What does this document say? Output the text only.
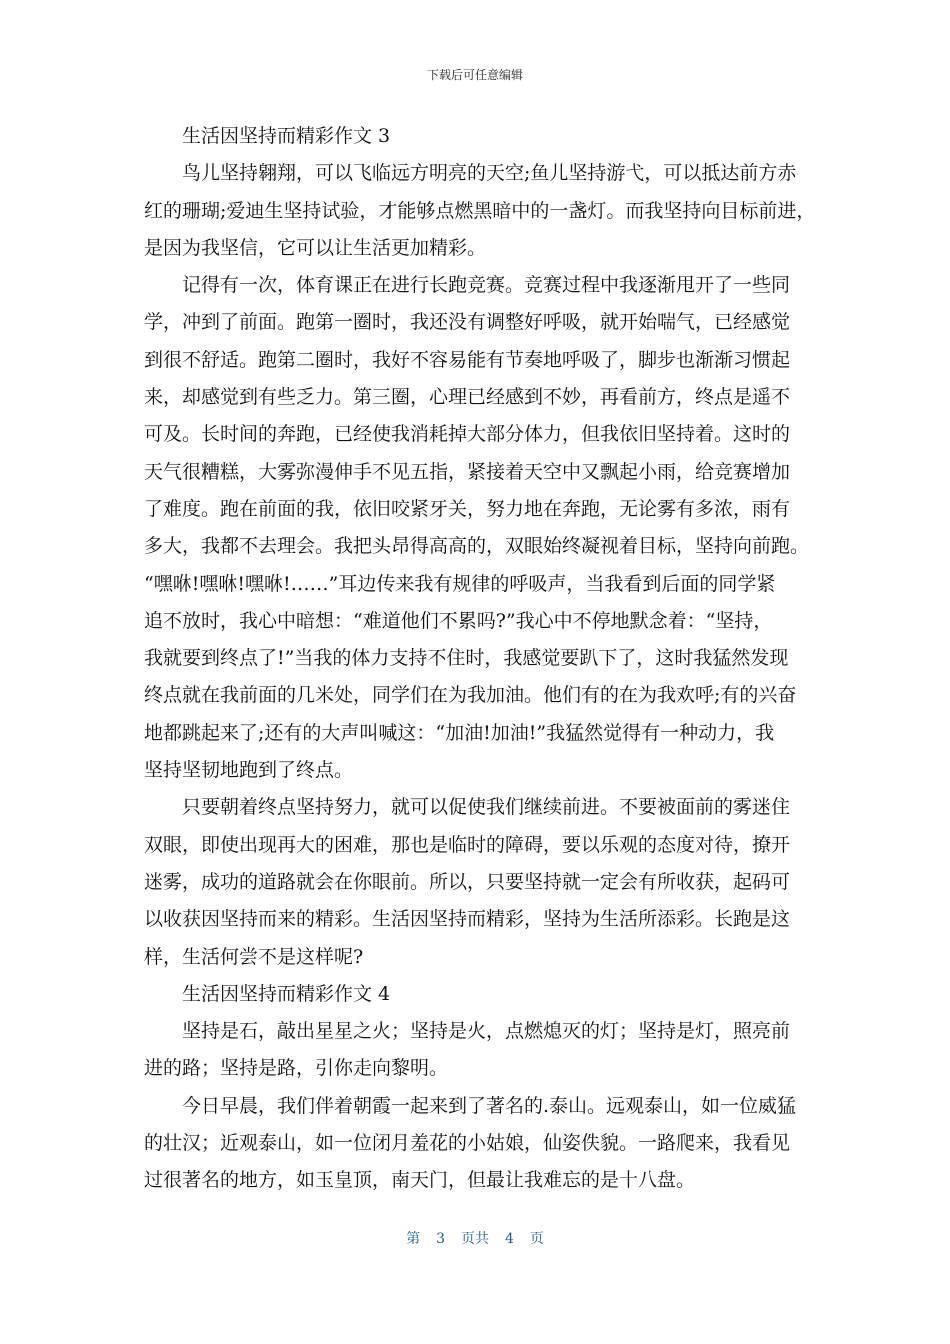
下载后可任意编辑
生活因坚持而精彩作文 3
鸟儿坚持翱翔，可以飞临远方明亮的天空;鱼儿坚持游弋，可以抵达前方赤
红的珊瑚;爱迪生坚持试验，才能够点燃黑暗中的一盏灯。而我坚持向目标前进，
是因为我坚信，它可以让生活更加精彩。
记得有一次，体育课正在进行长跑竞赛。竞赛过程中我逐渐甩开了一些同
学，冲到了前面。跑第一圈时，我还没有调整好呼吸，就开始喘气，已经感觉
到很不舒适。跑第二圈时，我好不容易能有节奏地呼吸了，脚步也渐渐习惯起
来，却感觉到有些乏力。第三圈，心理已经感到不妙，再看前方，终点是遥不
可及。长时间的奔跑，已经使我消耗掉大部分体力，但我依旧坚持着。这时的
天气很糟糕，大雾弥漫伸手不见五指，紧接着天空中又飘起小雨，给竞赛增加
了难度。跑在前面的我，依旧咬紧牙关，努力地在奔跑，无论雾有多浓，雨有
多大，我都不去理会。我把头昂得高高的，双眼始终凝视着目标，坚持向前跑。
“嘿咻!嘿咻!嘿咻!……”耳边传来我有规律的呼吸声，当我看到后面的同学紧
追不放时，我心中暗想：“难道他们不累吗?”我心中不停地默念着：“坚持，
我就要到终点了!”当我的体力支持不住时，我感觉要趴下了，这时我猛然发现
终点就在我前面的几米处，同学们在为我加油。他们有的在为我欢呼;有的兴奋
地都跳起来了;还有的大声叫喊这：“加油!加油!”我猛然觉得有一种动力，我
坚持坚韧地跑到了终点。
只要朝着终点坚持努力，就可以促使我们继续前进。不要被面前的雾迷住
双眼，即使出现再大的困难，那也是临时的障碍，要以乐观的态度对待，撩开
迷雾，成功的道路就会在你眼前。所以，只要坚持就一定会有所收获，起码可
以收获因坚持而来的精彩。生活因坚持而精彩，坚持为生活所添彩。长跑是这
样，生活何尝不是这样呢?
生活因坚持而精彩作文 4
坚持是石，敲出星星之火；坚持是火，点燃熄灭的灯；坚持是灯，照亮前
进的路；坚持是路，引你走向黎明。
今日早晨，我们伴着朝霞一起来到了著名的.泰山。远观泰山，如一位威猛
的壮汉；近观泰山，如一位闭月羞花的小姑娘，仙姿佚貌。一路爬来，我看见
过很著名的地方，如玉皇顶，南天门，但最让我难忘的是十八盘。
第 3 页共 4 页
